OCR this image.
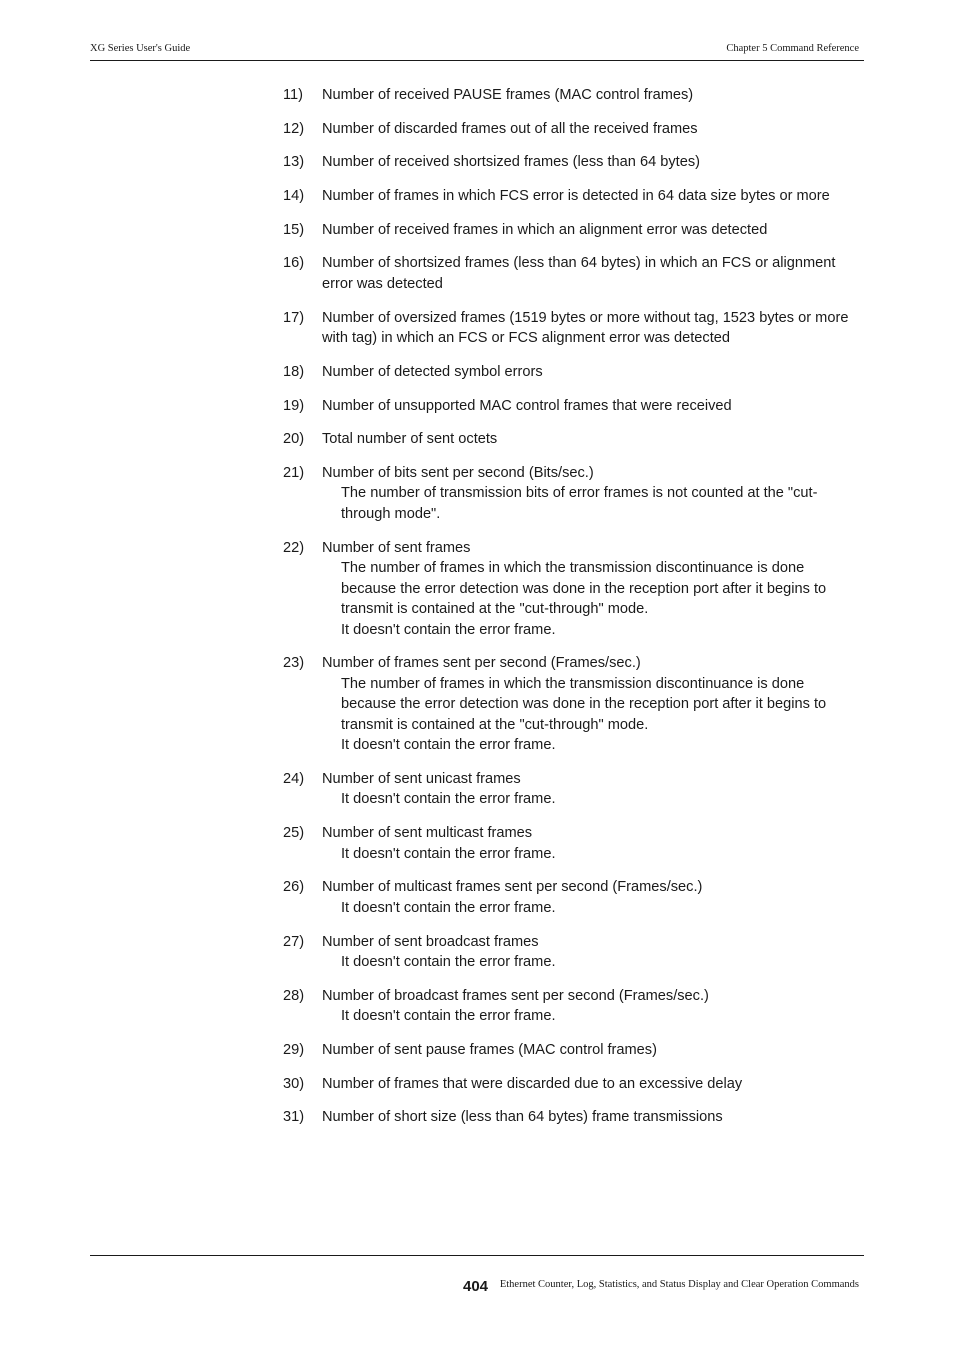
XG Series User's Guide	Chapter 5 Command Reference
11) Number of received PAUSE frames (MAC control frames)
12) Number of discarded frames out of all the received frames
13) Number of received shortsized frames (less than 64 bytes)
14) Number of frames in which FCS error is detected in 64 data size bytes or more
15) Number of received frames in which an alignment error was detected
16) Number of shortsized frames (less than 64 bytes) in which an FCS or alignment error was detected
17) Number of oversized frames (1519 bytes or more without tag, 1523 bytes or more with tag) in which an FCS or FCS alignment error was detected
18) Number of detected symbol errors
19) Number of unsupported MAC control frames that were received
20) Total number of sent octets
21) Number of bits sent per second (Bits/sec.)
The number of transmission bits of error frames is not counted at the "cut-through mode".
22) Number of sent frames
The number of frames in which the transmission discontinuance is done because the error detection was done in the reception port after it begins to transmit is contained at the "cut-through" mode.
It doesn't contain the error frame.
23) Number of frames sent per second (Frames/sec.)
The number of frames in which the transmission discontinuance is done because the error detection was done in the reception port after it begins to transmit is contained at the "cut-through" mode.
It doesn't contain the error frame.
24) Number of sent unicast frames
It doesn't contain the error frame.
25) Number of sent multicast frames
It doesn't contain the error frame.
26) Number of multicast frames sent per second (Frames/sec.)
It doesn't contain the error frame.
27) Number of sent broadcast frames
It doesn't contain the error frame.
28) Number of broadcast frames sent per second (Frames/sec.)
It doesn't contain the error frame.
29) Number of sent pause frames (MAC control frames)
30) Number of frames that were discarded due to an excessive delay
31) Number of short size (less than 64 bytes) frame transmissions
404 Ethernet Counter, Log, Statistics, and Status Display and Clear Operation Commands
